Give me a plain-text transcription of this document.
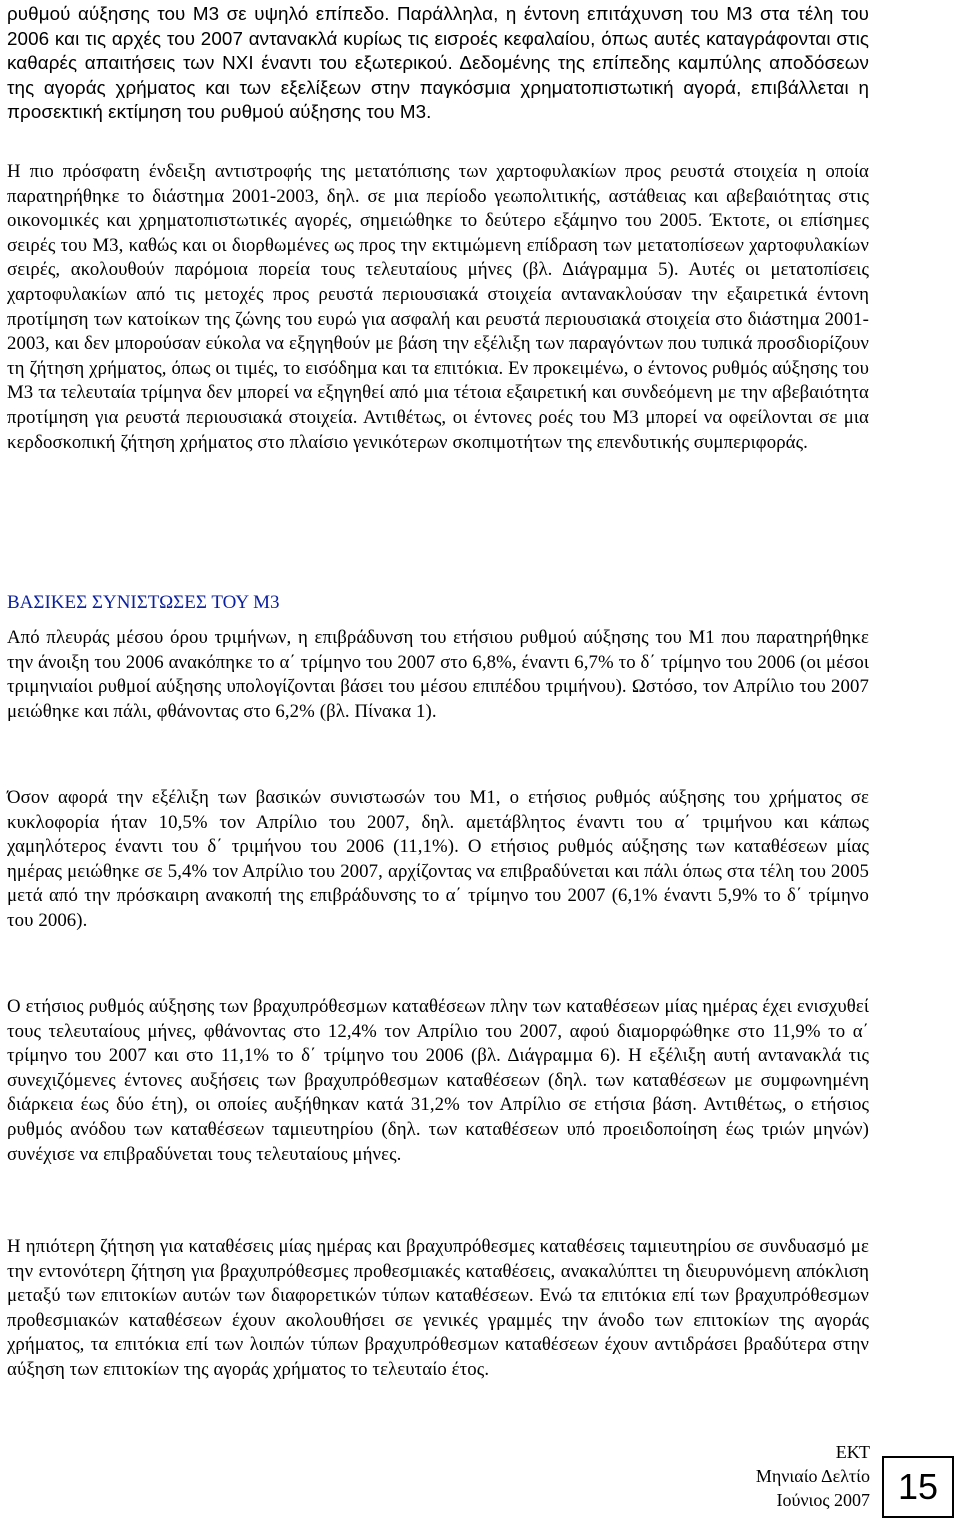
ρυθμού αύξησης του Μ3 σε υψηλό επίπεδο. Παράλληλα, η έντονη επιτάχυνση του Μ3 στα τέλη του 2006 και τις αρχές του 2007 αντανακλά κυρίως τις εισροές κεφαλαίου, όπως αυτές καταγράφονται στις καθαρές απαιτήσεις των ΝΧΙ έναντι του εξωτερικού. Δεδομένης της επίπεδης καμπύλης αποδόσεων της αγοράς χρήματος και των εξελίξεων στην παγκόσμια χρηματοπιστωτική αγορά, επιβάλλεται η προσεκτική εκτίμηση του ρυθμού αύξησης του Μ3.

Η πιο πρόσφατη ένδειξη αντιστροφής της μετατόπισης των χαρτοφυλακίων προς ρευστά στοιχεία η οποία παρατηρήθηκε το διάστημα 2001-2003, δηλ. σε μια περίοδο γεωπολιτικής, αστάθειας και αβεβαιότητας στις οικονομικές και χρηματοπιστωτικές αγορές, σημειώθηκε το δεύτερο εξάμηνο του 2005. Έκτοτε, οι επίσημες σειρές του Μ3, καθώς και οι διορθωμένες ως προς την εκτιμώμενη επίδραση των μετατοπίσεων χαρτοφυλακίων σειρές, ακολουθούν παρόμοια πορεία τους τελευταίους μήνες (βλ. Διάγραμμα 5). Αυτές οι μετατοπίσεις χαρτοφυλακίων από τις μετοχές προς ρευστά περιουσιακά στοιχεία αντανακλούσαν την εξαιρετικά έντονη προτίμηση των κατοίκων της ζώνης του ευρώ για ασφαλή και ρευστά περιουσιακά στοιχεία στο διάστημα 2001-2003, και δεν μπορούσαν εύκολα να εξηγηθούν με βάση την εξέλιξη των παραγόντων που τυπικά προσδιορίζουν τη ζήτηση χρήματος, όπως οι τιμές, το εισόδημα και τα επιτόκια. Εν προκειμένω, ο έντονος ρυθμός αύξησης του Μ3 τα τελευταία τρίμηνα δεν μπορεί να εξηγηθεί από μια τέτοια εξαιρετική και συνδεόμενη με την αβεβαιότητα προτίμηση για ρευστά περιουσιακά στοιχεία. Αντιθέτως, οι έντονες ροές του Μ3 μπορεί να οφείλονται σε μια κερδοσκοπική ζήτηση χρήματος στο πλαίσιο γενικότερων σκοπιμοτήτων της επενδυτικής συμπεριφοράς.

ΒΑΣΙΚΕΣ ΣΥΝΙΣΤΩΣΕΣ ΤΟΥ Μ3

Από πλευράς μέσου όρου τριμήνων, η επιβράδυνση του ετήσιου ρυθμού αύξησης του Μ1 που παρατηρήθηκε την άνοιξη του 2006 ανακόπηκε το α΄ τρίμηνο του 2007 στο 6,8%, έναντι 6,7% το δ΄ τρίμηνο του 2006 (οι μέσοι τριμηνιαίοι ρυθμοί αύξησης υπολογίζονται βάσει του μέσου επιπέδου τριμήνου). Ωστόσο, τον Απρίλιο του 2007 μειώθηκε και πάλι, φθάνοντας στο 6,2% (βλ. Πίνακα 1).

Όσον αφορά την εξέλιξη των βασικών συνιστωσών του Μ1, ο ετήσιος ρυθμός αύξησης του χρήματος σε κυκλοφορία ήταν 10,5% τον Απρίλιο του 2007, δηλ. αμετάβλητος έναντι του α΄ τριμήνου και κάπως χαμηλότερος έναντι του δ΄ τριμήνου του 2006 (11,1%). Ο ετήσιος ρυθμός αύξησης των καταθέσεων μίας ημέρας μειώθηκε σε 5,4% τον Απρίλιο του 2007, αρχίζοντας να επιβραδύνεται και πάλι όπως στα τέλη του 2005 μετά από την πρόσκαιρη ανακοπή της επιβράδυνσης το α΄ τρίμηνο του 2007 (6,1% έναντι 5,9% το δ΄ τρίμηνο του 2006).

Ο ετήσιος ρυθμός αύξησης των βραχυπρόθεσμων καταθέσεων πλην των καταθέσεων μίας ημέρας έχει ενισχυθεί τους τελευταίους μήνες, φθάνοντας στο 12,4% τον Απρίλιο του 2007, αφού διαμορφώθηκε στο 11,9% το α΄ τρίμηνο του 2007 και στο 11,1% το δ΄ τρίμηνο του 2006 (βλ. Διάγραμμα 6). Η εξέλιξη αυτή αντανακλά τις συνεχιζόμενες έντονες αυξήσεις των βραχυπρόθεσμων καταθέσεων (δηλ. των καταθέσεων με συμφωνημένη διάρκεια έως δύο έτη), οι οποίες αυξήθηκαν κατά 31,2% τον Απρίλιο σε ετήσια βάση. Αντιθέτως, ο ετήσιος ρυθμός ανόδου των καταθέσεων ταμιευτηρίου (δηλ. των καταθέσεων υπό προειδοποίηση έως τριών μηνών) συνέχισε να επιβραδύνεται τους τελευταίους μήνες.

Η ηπιότερη ζήτηση για καταθέσεις μίας ημέρας και βραχυπρόθεσμες καταθέσεις ταμιευτηρίου σε συνδυασμό με την εντονότερη ζήτηση για βραχυπρόθεσμες προθεσμιακές καταθέσεις, ανακαλύπτει τη διευρυνόμενη απόκλιση μεταξύ των επιτοκίων αυτών των διαφορετικών τύπων καταθέσεων. Ενώ τα επιτόκια επί των βραχυπρόθεσμων προθεσμιακών καταθέσεων έχουν ακολουθήσει σε γενικές γραμμές την άνοδο των επιτοκίων της αγοράς χρήματος, τα επιτόκια επί των λοιπών τύπων βραχυπρόθεσμων καταθέσεων έχουν αντιδράσει βραδύτερα στην αύξηση των επιτοκίων της αγοράς χρήματος το τελευταίο έτος.

ΕΚΤ
Μηνιαίο Δελτίο
Ιούνιος 2007 15
